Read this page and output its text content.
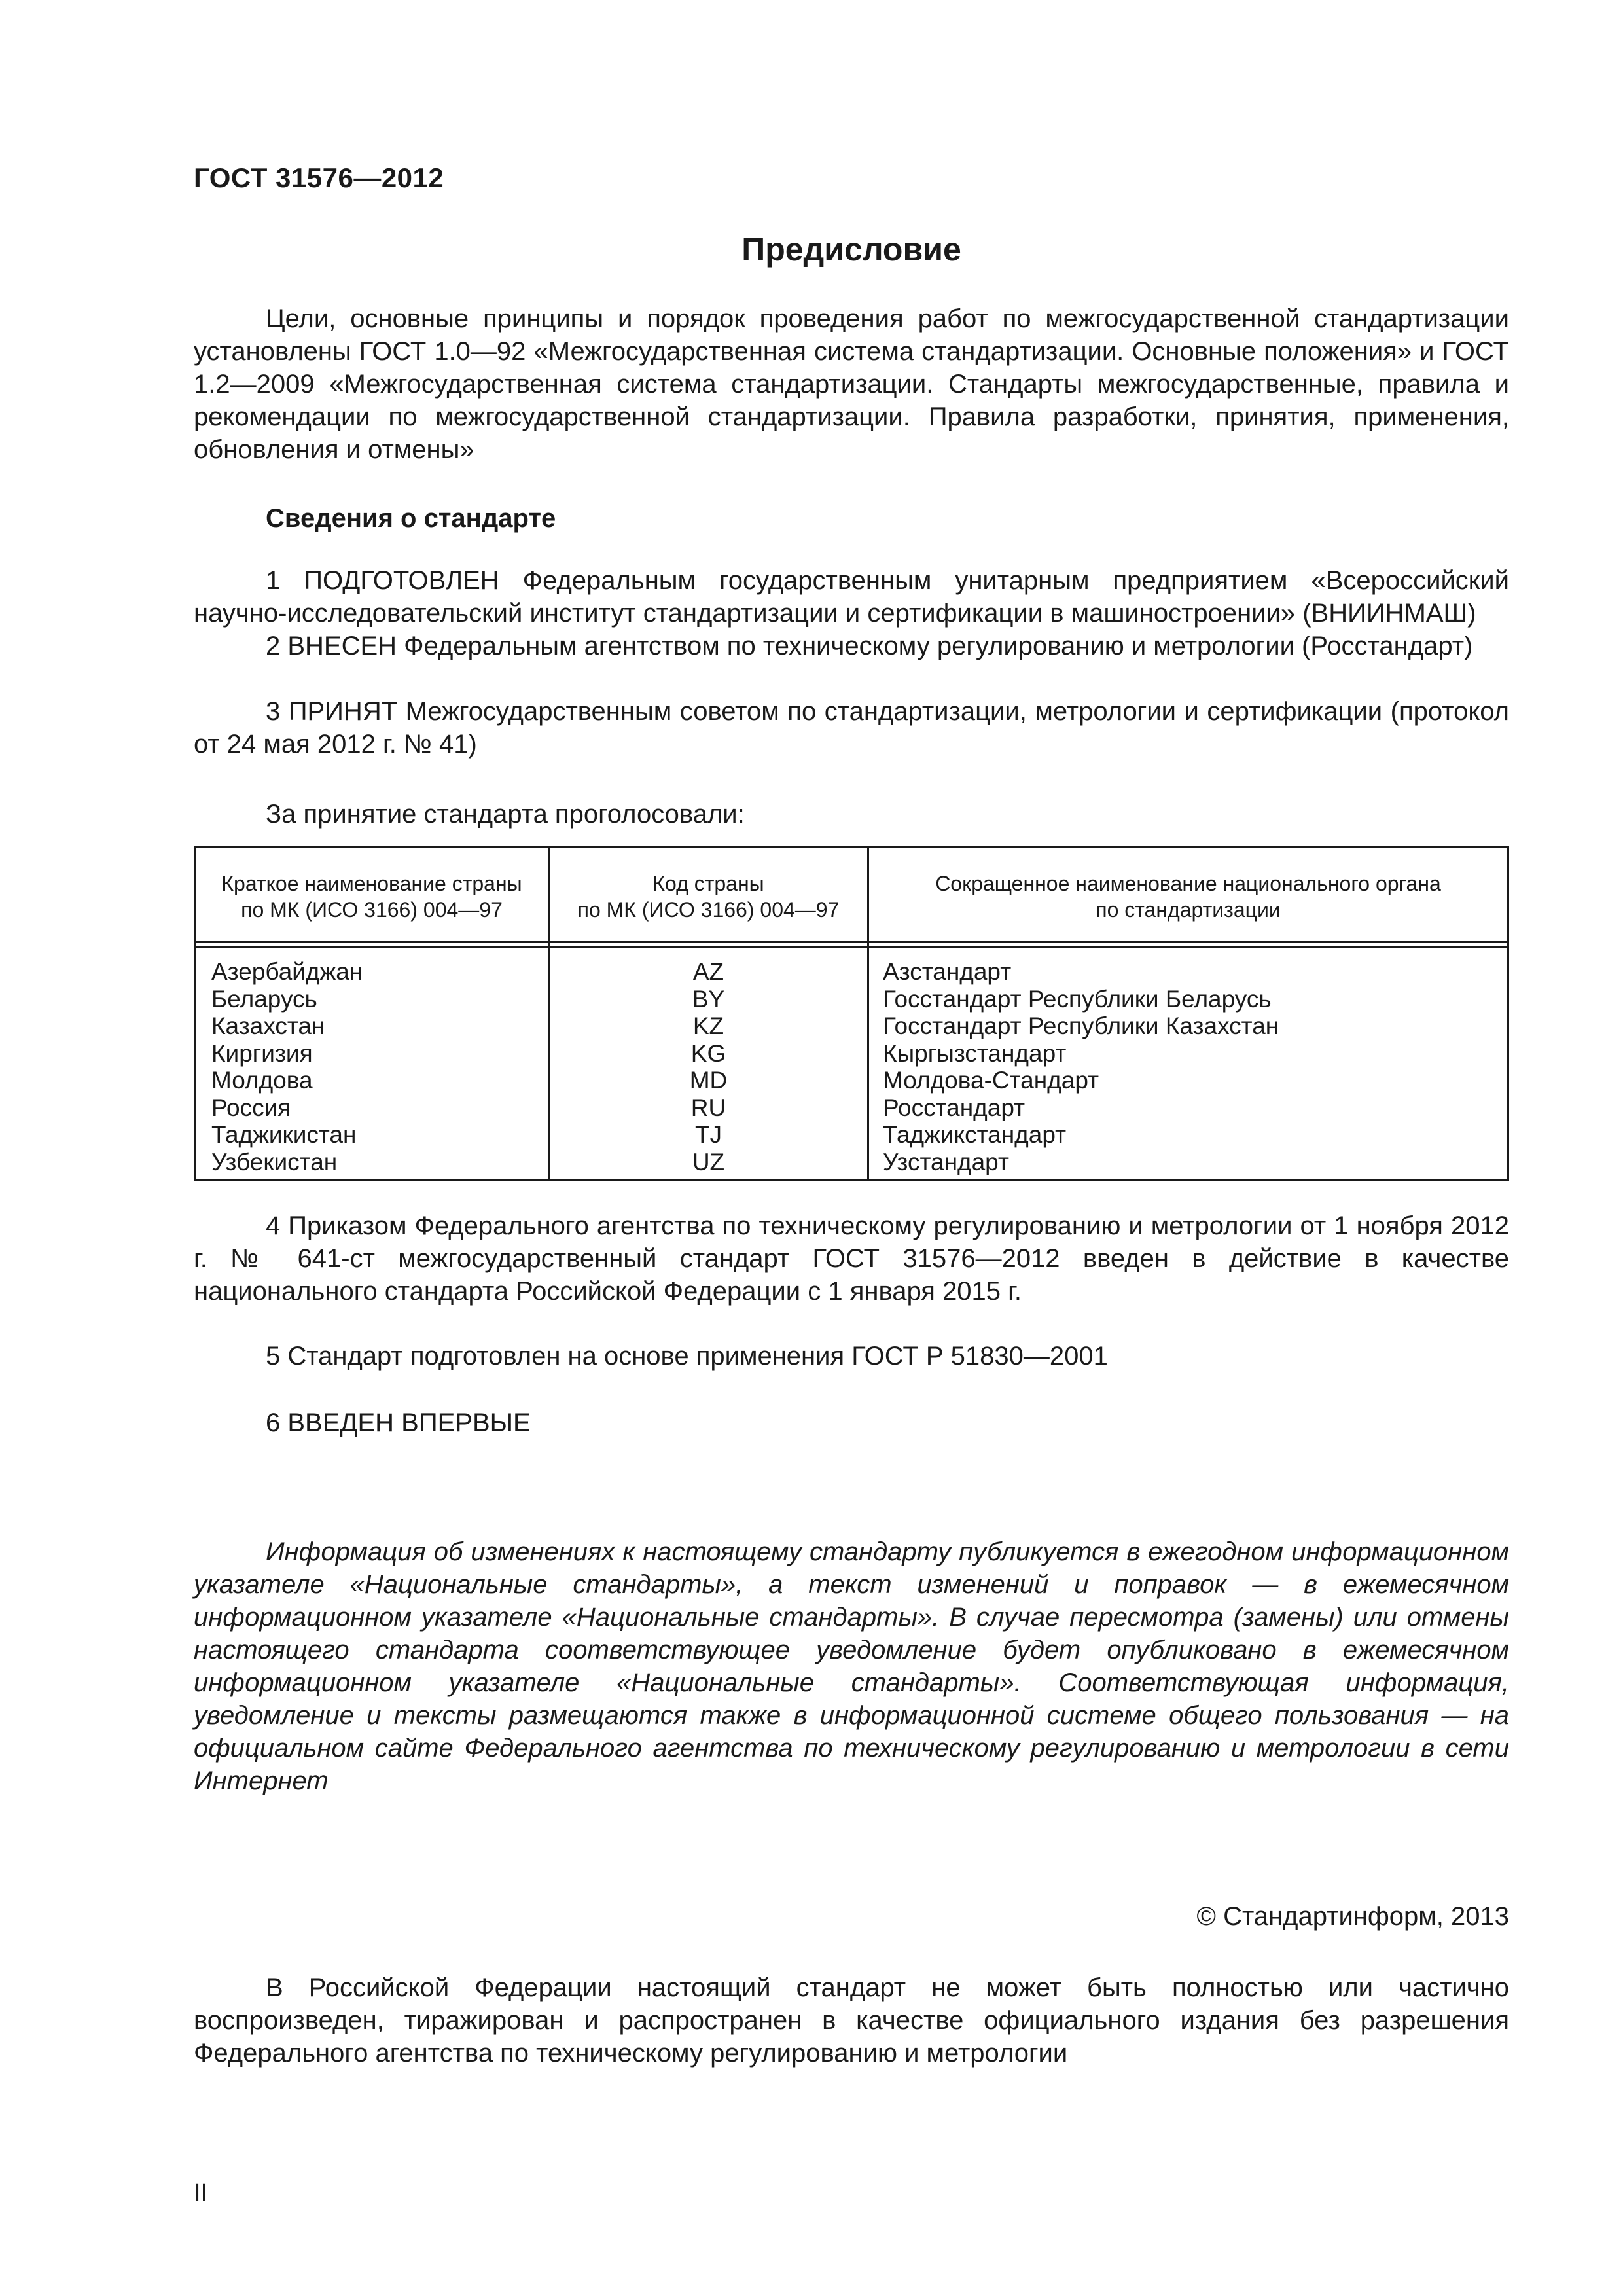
ГОСТ 31576—2012
Предисловие

Цели, основные принципы и порядок проведения работ по межгосударственной стандартизации установлены ГОСТ 1.0—92 «Межгосударственная система стандартизации. Основные положения» и ГОСТ 1.2—2009 «Межгосударственная система стандартизации. Стандарты межгосударственные, правила и рекомендации по межгосударственной стандартизации. Правила разработки, принятия, применения, обновления и отмены»

Сведения о стандарте

1 ПОДГОТОВЛЕН Федеральным государственным унитарным предприятием «Всероссийский научно-исследовательский институт стандартизации и сертификации в машиностроении» (ВНИИНМАШ)

2 ВНЕСЕН Федеральным агентством по техническому регулированию и метрологии (Росстандарт)

3 ПРИНЯТ Межгосударственным советом по стандартизации, метрологии и сертификации (протокол от 24 мая 2012 г. № 41)

За принятие стандарта проголосовали:
Краткое наименование страны
по МК (ИСО 3166) 004—97
Код страны
по МК (ИСО 3166) 004—97
Сокращенное наименование национального органа
по стандартизации
Азербайджан
Беларусь
Казахстан
Киргизия
Молдова
Россия
Таджикистан
Узбекистан
AZ
BY
KZ
KG
MD
RU
TJ
UZ
Азстандарт
Госстандарт Республики Беларусь
Госстандарт Республики Казахстан
Кыргызстандарт
Молдова-Стандарт
Росстандарт
Таджикстандарт
Узстандарт

4 Приказом Федерального агентства по техническому регулированию и метрологии от 1 ноября 2012 г. № 641-ст межгосударственный стандарт ГОСТ 31576—2012 введен в действие в качестве национального стандарта Российской Федерации с 1 января 2015 г.

5 Стандарт подготовлен на основе применения ГОСТ Р 51830—2001
6 ВВЕДЕН ВПЕРВЫЕ

Информация об изменениях к настоящему стандарту публикуется в ежегодном информационном указателе «Национальные стандарты», а текст изменений и поправок — в ежемесячном информационном указателе «Национальные стандарты». В случае пересмотра (замены) или отмены настоящего стандарта соответствующее уведомление будет опубликовано в ежемесячном информационном указателе «Национальные стандарты». Соответствующая информация, уведомление и тексты размещаются также в информационной системе общего пользования — на официальном сайте Федерального агентства по техническому регулированию и метрологии в сети Интернет

© Стандартинформ, 2013

В Российской Федерации настоящий стандарт не может быть полностью или частично воспроизведен, тиражирован и распространен в качестве официального издания без разрешения Федерального агентства по техническому регулированию и метрологии

II
